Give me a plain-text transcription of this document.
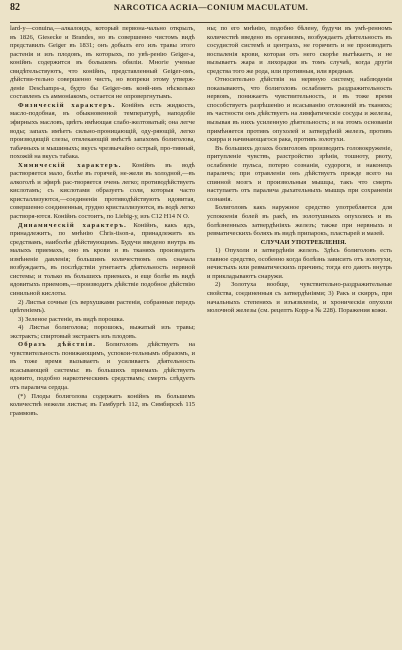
82	NARCOTICA ACRIA—CONIUM MACULATUM.

lard-y—conuina,—алкалоидъ, который первона-чально открылъ, въ 1826, Giesecke и Brandes, но въ совершенно чистомъ видѣ представилъ Geiger въ 1831; онъ добылъ его изъ травы этого растенія и изъ плодовъ, въ которыхъ, по увѣ-ренію Geiger-а, конійнъ содержится въ большемъ обиліи. Многіе ученые свидѣтельствуютъ, что конійнъ, представленный Geiger-омъ, дѣйстви-тельно совершенно чистъ, но вопреки этому утверж-деніе Deschamps-а, будто бы Geiger-овъ конй-инъ нѣсколько составленъ съ аммоніакомъ, остается не опровергнутымъ.

Физическій характеръ. Конійнъ есть жидкость, масло-подобная, въ обыкновенной температурѣ, наподобіе эфирныхъ масловъ, цвѣтъ имѣющая слабо-желтоватый; она легче воды; запахъ имѣетъ сильно-проницающій, оду-ряющій, легко производящій слезы, отвлекающій вмѣстѣ запахомъ болиголова, табачныхъ и мышиныхъ; вкусъ чрезвычайно острый, про-тивный, похожій на вкусъ табака.

Химическій характеръ. Конійнъ въ водѣ растворяется мало, болѣе въ горячей, не-жели въ холодной,—въ алкоголѣ и эфирѣ рас-творяется очень легко; противодѣйствуетъ кислотамъ; съ кислотами образуетъ соли, которыя часто кристаллизуются,—соединенія противодѣйствуютъ идовитая, совершенно соединенныя, грудно кристаллизуются, въ водѣ легко растворя-ются. Конійнъ состоитъ, по Liebig-у, изъ C12 H14 N O.

Динамическій характеръ. Конійнъ, какъ ядъ, принадлежитъ, по мнѣнію Chris-tison-а, принадлежитъ къ средствамъ, наиболѣе дѣйствующимъ. Будучи введено внутрь въ малыхъ приемахъ, оно въ крови и въ тканяхъ производитъ измѣненіе давленія; большимъ количествомъ онъ сначала возбуждаетъ, въ послѣдствіи угнетаетъ дѣятельность нервной системы; и только въ большихъ приемахъ, и еще болѣе въ видѣ ядовитыхъ приемовъ,—производитъ дѣйствіе подобное дѣйствію синильной кислоты.

2) Листья сочные (съ верхушками растенія, собранные передъ цвѣтеніемъ).

3) Зеленое растеніе, въ видѣ порошка.

4) Листья болиголова; порошокъ, выжатый изъ травы; экстрактъ; спиртовый экстрактъ изъ плодовъ.

Образъ дѣйствія. Болиголовъ дѣйствуетъ на чувствительность понижающимъ, успокои-тельнымъ образомъ, и въ тоже время вызываетъ и усиливаетъ дѣятельность всасывающей системы: въ большихъ приемахъ дѣйствуетъ ядовито, подобно наркотическимъ средствамъ; смерть слѣдуетъ отъ паралича сердца.

(*) Плоды болиголова содержатъ конійнъ въ большемъ количествѣ нежели листья; въ Гамбургѣ 112, въ Симбирскѣ 115 граммовъ.

ны; по его мнѣнію, подобно бѣлену, будучи въ умѣ-ренномъ количествѣ введено въ организмъ, возбуждаетъ дѣятельность въ сосудистой системѣ и центрахъ, не горячитъ и не производитъ воспаленія крови, которая отъ него скорѣе вытѣкаетъ, и не вызываетъ жара и лихорадки въ томъ случаѣ, когда другія средства того же рода, или противныя, или вредныя.

Относительно дѣйствія на нервную систему, наблюденія показываютъ, что болиголовъ ослабляетъ раздражительность нервовъ, понижаетъ чувствительность, и въ тоже время способствуетъ разрѣшенію и всасыванію отложеній въ тканяхъ; въ частности онъ дѣйствуетъ на лимфатическіе сосуды и железы, вызывая въ нихъ усиленную дѣятельность; и на этомъ основаніи примѣняется противъ опухолей и затвердѣній железъ, противъ скирра и начинающагося рака, противъ золотухи.

Въ большихъ дозахъ болиголовъ производитъ головокруженіе, притупленіе чувствъ, разстройство зрѣнія, тошноту, рвоту, ослабленіе пульса, потерю сознанія, судороги, и наконецъ параличъ; при отравленіи онъ дѣйствуетъ прежде всего на спинной мозгъ и произвольныя мышцы, такъ что смерть наступаетъ отъ паралича дыхательныхъ мышцъ при сохраненіи сознанія.

Болиголовъ какъ наружное средство употребляется для успокоенія болей въ ракѣ, въ золотушныхъ опухоляхъ и въ болѣзненныхъ затвердѣніяхъ железъ; также при нервныхъ и ревматическихъ боляхъ въ видѣ припарокъ, пластырей и мазей.

СЛУЧАИ УПОТРЕБЛЕНІЯ.

1) Опухоли и затвердѣнія железъ. Здѣсь болиголовъ есть главное средство, особенно когда болѣзнь зависитъ отъ золотухи, нечистыхъ или ревматическихъ причинъ; тогда его даютъ внутрь и прикладываютъ снаружи.

2) Золотуха вообще, чувствительно-раздражительные свойства, соединенныя съ затвердѣніями; 3) Ракъ и скирръ, при начальныхъ степеняхъ и изъязвленіи, и хроническія опухоли молочной железы (см. рецептъ Корр-а № 228). Поражения кожи.
